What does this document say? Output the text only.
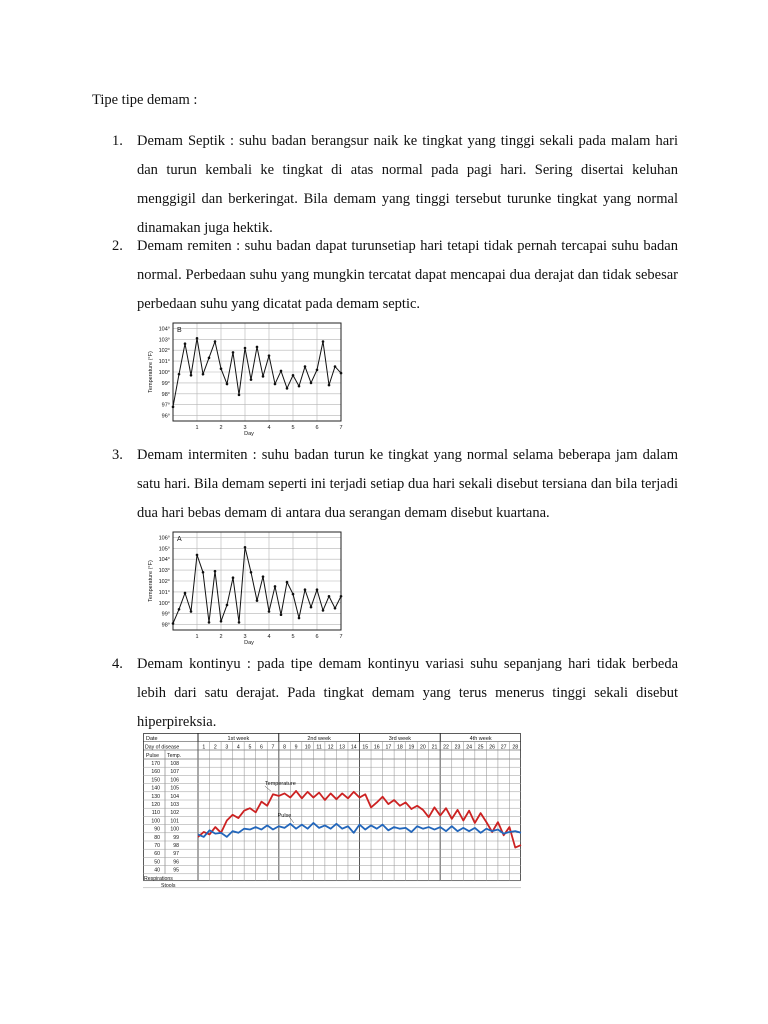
Tipe tipe demam :
1. Demam Septik : suhu badan berangsur naik ke tingkat yang tinggi sekali pada malam hari dan turun kembali ke tingkat di atas normal pada pagi hari. Sering disertai keluhan menggigil dan berkeringat. Bila demam yang tinggi tersebut turunke tingkat yang normal dinamakan juga hektik.
2. Demam remiten : suhu badan dapat turunsetiap hari tetapi tidak pernah tercapai suhu badan normal. Perbedaan suhu yang mungkin tercatat dapat mencapai dua derajat dan tidak sebesar perbedaan suhu yang dicatat pada demam septic.
104°
103°
102°
101°
100°
99°
98°
97°
96°
1	2	3	4	5	6	7
Day
Temperature (°F)
B
3. Demam intermiten : suhu badan turun ke tingkat yang normal selama beberapa jam dalam satu hari. Bila demam seperti ini terjadi setiap dua hari sekali disebut tersiana dan bila terjadi dua hari bebas demam di antara dua serangan demam disebut kuartana.
106°
105°
104°
103°
102°
101°
100°
99°
98°
1	2	3	4	5	6	7
Day
Temperature (°F)
A
4. Demam kontinyu : pada tipe demam kontinyu variasi suhu sepanjang hari tidak berbeda lebih dari satu derajat. Pada tingkat demam yang terus menerus tinggi sekali disebut hiperpireksia.
Date
Day of disease
Pulse Temp.
1st week	2nd week	3rd week	4th week
1 2 3 4 5 6 7 8 9 10 11 12 13 14 15 16 17 18 19 20 21 22 23 24 25 26 27 28
170
160
150
140
130
120
110
100
90
80
70
60
50
40
108
107
106
105
104
103
102
101
100
99
98
97
96
95
Respirations
Stools
Temperature
Pulse
